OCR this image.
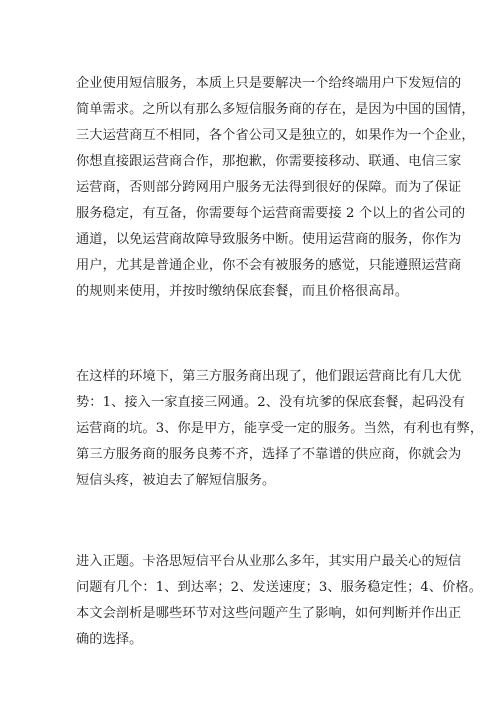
企业使用短信服务，本质上只是要解决一个给终端用户下发短信的
简单需求。之所以有那么多短信服务商的存在，是因为中国的国情，
三大运营商互不相同，各个省公司又是独立的，如果作为一个企业，
你想直接跟运营商合作，那抱歉，你需要接移动、联通、电信三家
运营商，否则部分跨网用户服务无法得到很好的保障。而为了保证
服务稳定，有互备，你需要每个运营商需要接 2 个以上的省公司的
通道，以免运营商故障导致服务中断。使用运营商的服务，你作为
用户，尤其是普通企业，你不会有被服务的感觉，只能遵照运营商
的规则来使用，并按时缴纳保底套餐，而且价格很高昂。
在这样的环境下，第三方服务商出现了，他们跟运营商比有几大优
势：1、接入一家直接三网通。2、没有坑爹的保底套餐，起码没有
运营商的坑。3、你是甲方，能享受一定的服务。当然，有利也有弊，
第三方服务商的服务良莠不齐，选择了不靠谱的供应商，你就会为
短信头疼，被迫去了解短信服务。
进入正题。卡洛思短信平台从业那么多年，其实用户最关心的短信
问题有几个：1、到达率；2、发送速度；3、服务稳定性；4、价格。
本文会剖析是哪些环节对这些问题产生了影响，如何判断并作出正
确的选择。
